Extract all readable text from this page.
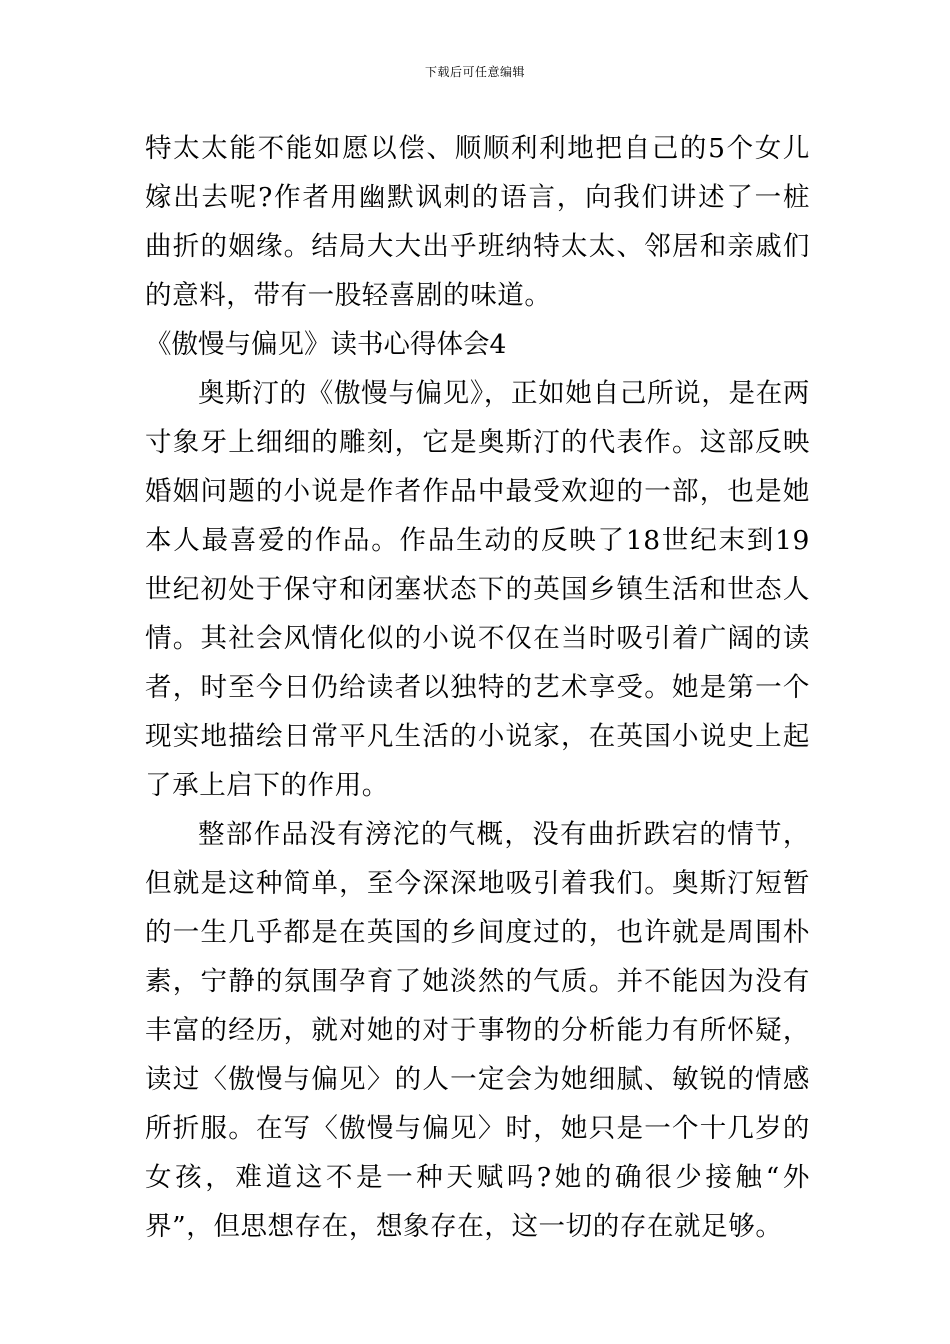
下载后可任意编辑

特太太能不能如愿以偿、顺顺利利地把自己的5个女儿嫁出去呢?作者用幽默讽刺的语言，向我们讲述了一桩曲折的姻缘。结局大大出乎班纳特太太、邻居和亲戚们的意料，带有一股轻喜剧的味道。

《傲慢与偏见》读书心得体会4

奥斯汀的《傲慢与偏见》，正如她自己所说，是在两寸象牙上细细的雕刻，它是奥斯汀的代表作。这部反映婚姻问题的小说是作者作品中最受欢迎的一部，也是她本人最喜爱的作品。作品生动的反映了18世纪末到19世纪初处于保守和闭塞状态下的英国乡镇生活和世态人情。其社会风情化似的小说不仅在当时吸引着广阔的读者，时至今日仍给读者以独特的艺术享受。她是第一个现实地描绘日常平凡生活的小说家，在英国小说史上起了承上启下的作用。

整部作品没有滂沱的气概，没有曲折跌宕的情节，但就是这种简单，至今深深地吸引着我们。奥斯汀短暂的一生几乎都是在英国的乡间度过的，也许就是周围朴素，宁静的氛围孕育了她淡然的气质。并不能因为没有丰富的经历，就对她的对于事物的分析能力有所怀疑，读过〈傲慢与偏见〉的人一定会为她细腻、敏锐的情感所折服。在写〈傲慢与偏见〉时，她只是一个十几岁的女孩，难道这不是一种天赋吗?她的确很少接触“外界”，但思想存在，想象存在，这一切的存在就足够。
